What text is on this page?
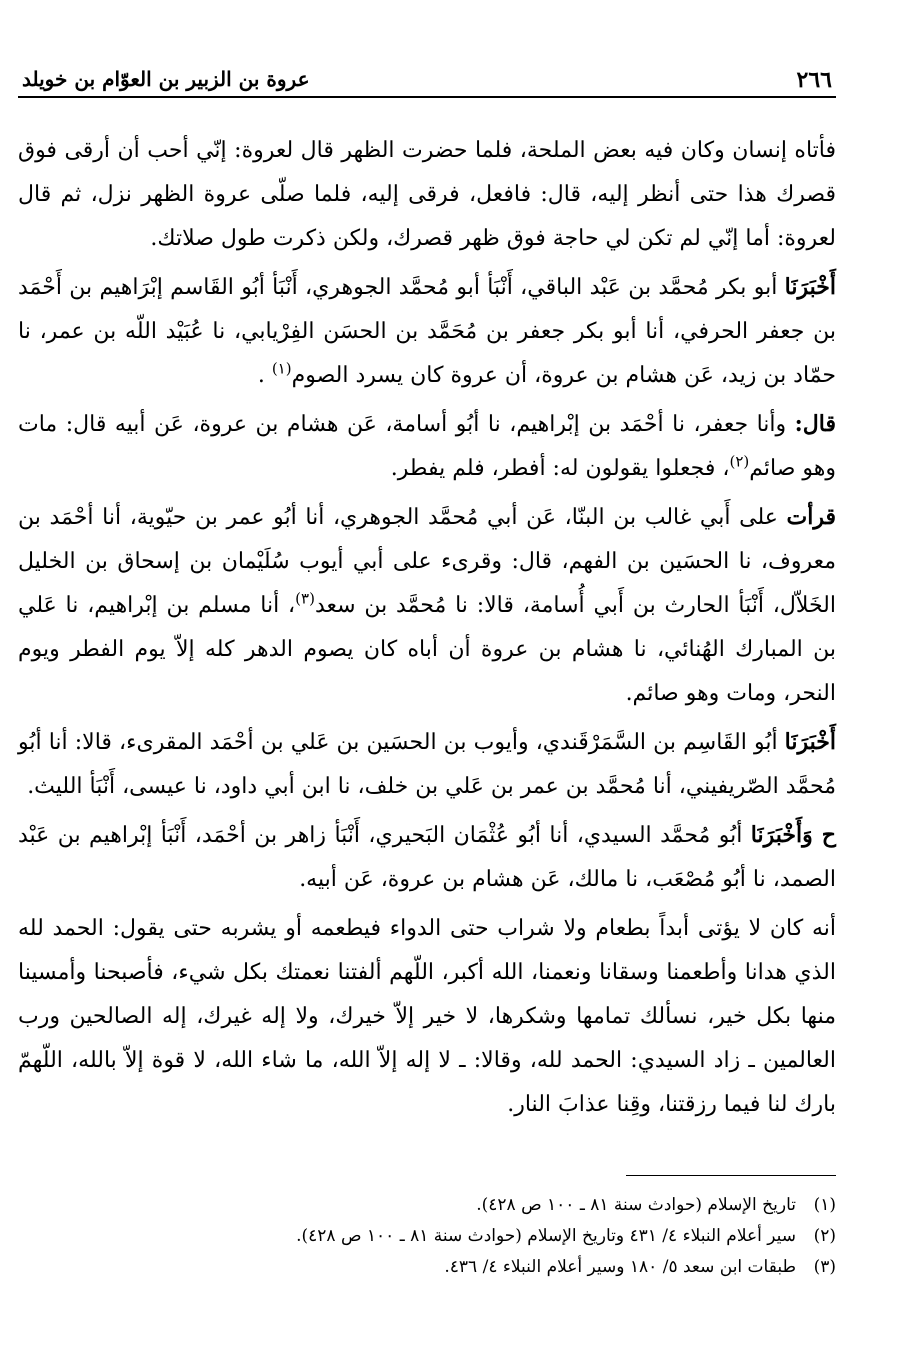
٢٦٦
عروة بن الزبير بن العوّام بن خويلد

فأتاه إنسان وكان فيه بعض الملحة، فلما حضرت الظهر قال لعروة: إنّي أحب أن أرقى فوق قصرك هذا حتى أنظر إليه، قال: فافعل، فرقى إليه، فلما صلّى عروة الظهر نزل، ثم قال لعروة: أما إنّي لم تكن لي حاجة فوق ظهر قصرك، ولكن ذكرت طول صلاتك.

أَخْبَرَنَا أبو بكر مُحمَّد بن عَبْد الباقي، أَنْبَأ أبو مُحمَّد الجوهري، أَنْبَأ أبُو القَاسم إبْرَاهيم بن أَحْمَد بن جعفر الحرفي، أنا أبو بكر جعفر بن مُحَمَّد بن الحسَن الفِرْيابي، نا عُبَيْد اللّه بن عمر، نا حمّاد بن زيد، عَن هشام بن عروة، أن عروة كان يسرد الصوم$^{(١)}$ .

قال: وأنا جعفر، نا أحْمَد بن إبْراهيم، نا أبُو أسامة، عَن هشام بن عروة، عَن أبيه قال: مات وهو صائم$^{(٢)}$، فجعلوا يقولون له: أفطر، فلم يفطر.

قرأت على أَبي غالب بن البنّا، عَن أبي مُحمَّد الجوهري، أنا أبُو عمر بن حيّوية، أنا أحْمَد بن معروف، نا الحسَين بن الفهم، قال: وقرىء على أبي أيوب سُلَيْمان بن إسحاق بن الخليل الخَلاّل، أَنْبَأ الحارث بن أَبي أُسامة، قالا: نا مُحمَّد بن سعد$^{(٣)}$، أنا مسلم بن إبْراهيم، نا عَلي بن المبارك الهُنائي، نا هشام بن عروة أن أباه كان يصوم الدهر كله إلاّ يوم الفطر ويوم النحر، ومات وهو صائم.

أَخْبَرَنَا أبُو القَاسِم بن السَّمَرْقَندي، وأيوب بن الحسَين بن عَلي بن أحْمَد المقرىء، قالا: أنا أبُو مُحمَّد الصّريفيني، أنا مُحمَّد بن عمر بن عَلي بن خلف، نا ابن أبي داود، نا عيسى، أَنْبَأ الليث.

ح وَأَخْبَرَنَا أبُو مُحمَّد السيدي، أنا أبُو عُثْمَان البَحيري، أَنْبَأ زاهر بن أحْمَد، أَنْبَأ إبْراهيم بن عَبْد الصمد، نا أبُو مُصْعَب، نا مالك، عَن هشام بن عروة، عَن أبيه.

أنه كان لا يؤتى أبداً بطعام ولا شراب حتى الدواء فيطعمه أو يشربه حتى يقول: الحمد لله الذي هدانا وأطعمنا وسقانا ونعمنا، الله أكبر، اللّهم ألفتنا نعمتك بكل شيء، فأصبحنا وأمسينا منها بكل خير، نسألك تمامها وشكرها، لا خير إلاّ خيرك، ولا إله غيرك، إله الصالحين ورب العالمين ـ زاد السيدي: الحمد لله، وقالا: ـ لا إله إلاّ الله، ما شاء الله، لا قوة إلاّ بالله، اللّهمّ بارك لنا فيما رزقتنا، وقِنا عذابَ النار.

(١)
تاريخ الإسلام (حوادث سنة ٨١ ـ ١٠٠ ص ٤٢٨).
(٢)
سير أعلام النبلاء ٤/ ٤٣١ وتاريخ الإسلام (حوادث سنة ٨١ ـ ١٠٠ ص ٤٢٨).
(٣)
طبقات ابن سعد ٥/ ١٨٠ وسير أعلام النبلاء ٤/ ٤٣٦.
